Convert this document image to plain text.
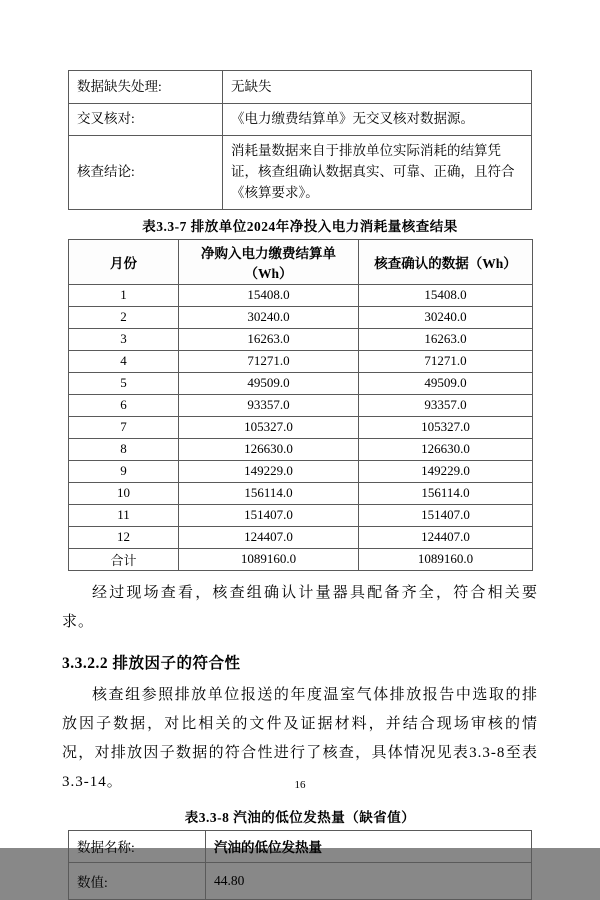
数据缺失处理:	无缺失
交叉核对:	《电力缴费结算单》无交叉核对数据源。
核查结论:	消耗量数据来自于排放单位实际消耗的结算凭证，核查组确认数据真实、可靠、正确，且符合《核算要求》。
表3.3-7 排放单位2024年净投入电力消耗量核查结果
月份	净购入电力缴费结算单（Wh）	核查确认的数据（Wh）
1	15408.0	15408.0
2	30240.0	30240.0
3	16263.0	16263.0
4	71271.0	71271.0
5	49509.0	49509.0
6	93357.0	93357.0
7	105327.0	105327.0
8	126630.0	126630.0
9	149229.0	149229.0
10	156114.0	156114.0
11	151407.0	151407.0
12	124407.0	124407.0
合计	1089160.0	1089160.0

经过现场查看，核查组确认计量器具配备齐全，符合相关要求。

3.3.2.2 排放因子的符合性

核查组参照排放单位报送的年度温室气体排放报告中选取的排放因子数据，对比相关的文件及证据材料，并结合现场审核的情况，对排放因子数据的符合性进行了核查，具体情况见表3.3-8至表3.3-14。

表3.3-8 汽油的低位发热量（缺省值）
数据名称:	汽油的低位发热量
数值:	44.80
16
